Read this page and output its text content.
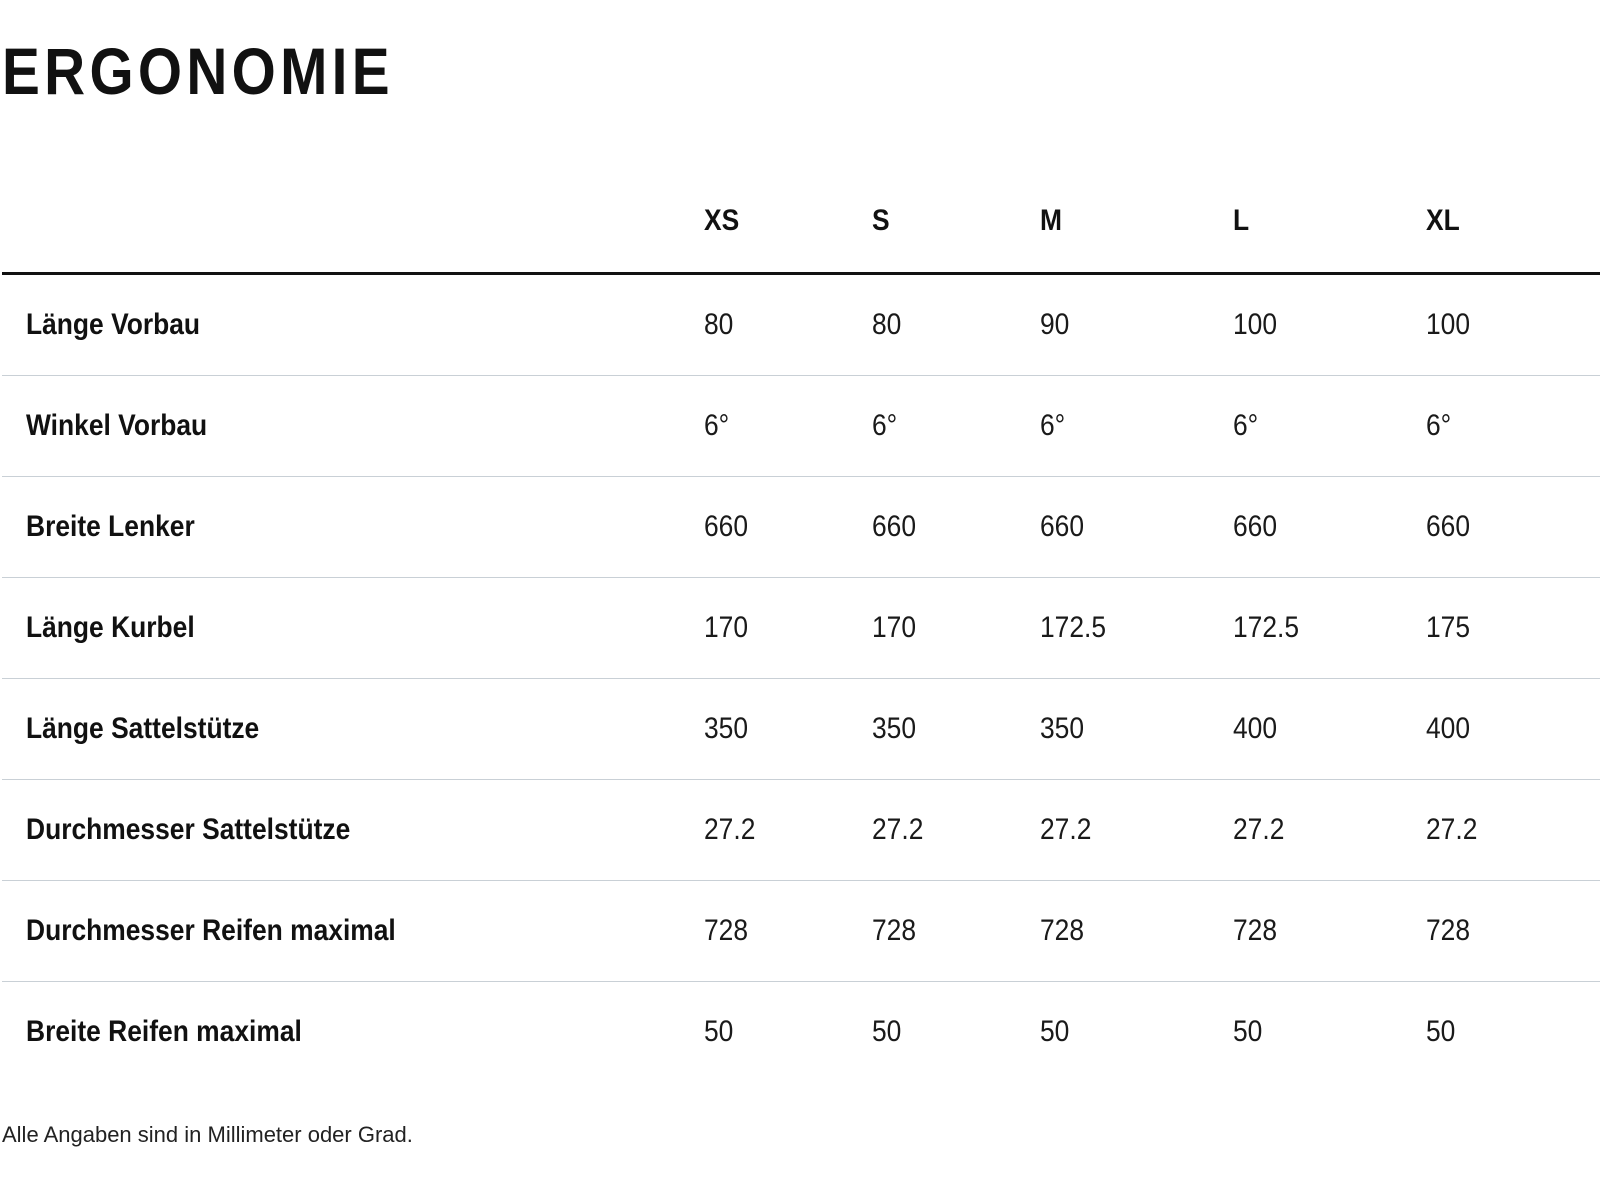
ERGONOMIE
	XS	S	M	L	XL
Länge Vorbau	80	80	90	100	100
Winkel Vorbau	6°	6°	6°	6°	6°
Breite Lenker	660	660	660	660	660
Länge Kurbel	170	170	172.5	172.5	175
Länge Sattelstütze	350	350	350	400	400
Durchmesser Sattelstütze	27.2	27.2	27.2	27.2	27.2
Durchmesser Reifen maximal	728	728	728	728	728
Breite Reifen maximal	50	50	50	50	50

Alle Angaben sind in Millimeter oder Grad.
